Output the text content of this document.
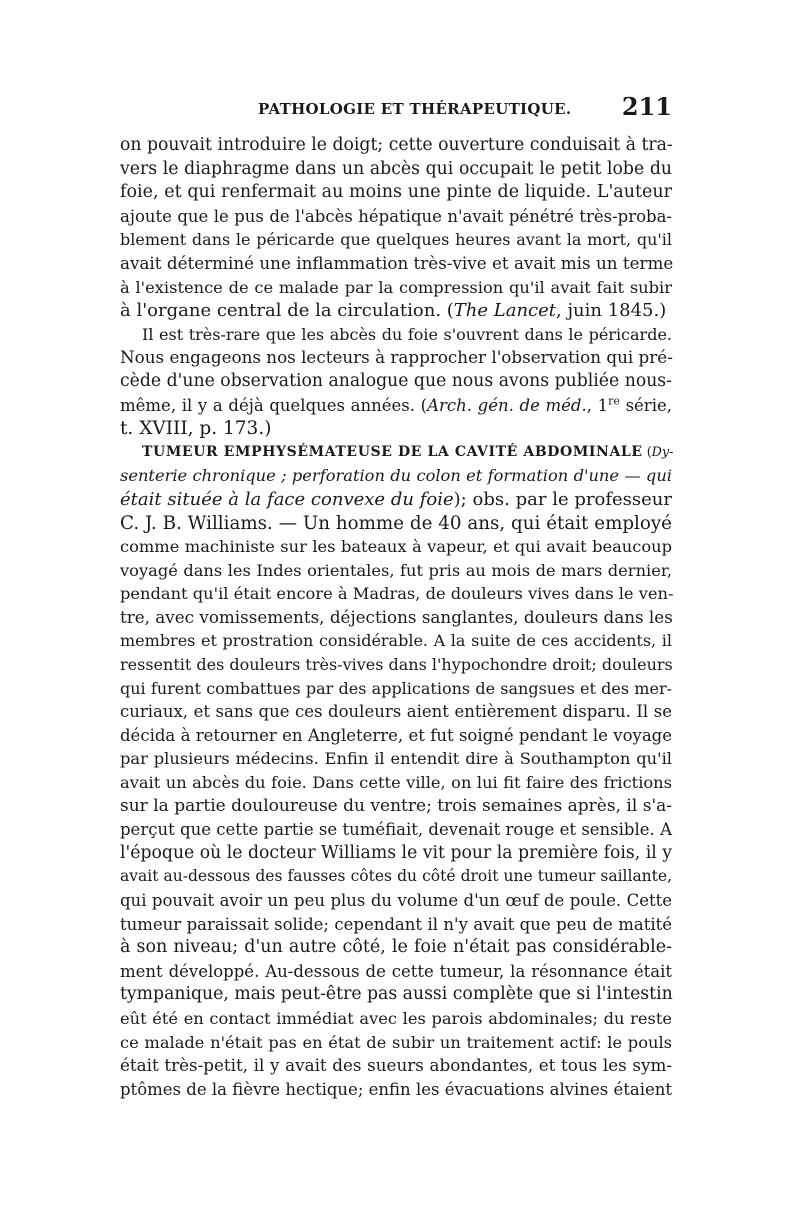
PATHOLOGIE ET THÉRAPEUTIQUE. 211
on pouvait introduire le doigt; cette ouverture conduisait à tra-
vers le diaphragme dans un abcès qui occupait le petit lobe du
foie, et qui renfermait au moins une pinte de liquide. L'auteur
ajoute que le pus de l'abcès hépatique n'avait pénétré très-proba-
blement dans le péricarde que quelques heures avant la mort, qu'il
avait déterminé une inflammation très-vive et avait mis un terme
à l'existence de ce malade par la compression qu'il avait fait subir
à l'organe central de la circulation. (The Lancet, juin 1845.)
Il est très-rare que les abcès du foie s'ouvrent dans le péricarde.
Nous engageons nos lecteurs à rapprocher l'observation qui pré-
cède d'une observation analogue que nous avons publiée nous-
même, il y a déjà quelques années. (Arch. gén. de méd., 1re série,
t. XVIII, p. 173.)
TUMEUR EMPHYSÉMATEUSE DE LA CAVITÉ ABDOMINALE (Dy-
senterie chronique ; perforation du colon et formation d'une — qui
était située à la face convexe du foie); obs. par le professeur
C. J. B. Williams. — Un homme de 40 ans, qui était employé
comme machiniste sur les bateaux à vapeur, et qui avait beaucoup
voyagé dans les Indes orientales, fut pris au mois de mars dernier,
pendant qu'il était encore à Madras, de douleurs vives dans le ven-
tre, avec vomissements, déjections sanglantes, douleurs dans les
membres et prostration considérable. A la suite de ces accidents, il
ressentit des douleurs très-vives dans l'hypochondre droit; douleurs
qui furent combattues par des applications de sangsues et des mer-
curiaux, et sans que ces douleurs aient entièrement disparu. Il se
décida à retourner en Angleterre, et fut soigné pendant le voyage
par plusieurs médecins. Enfin il entendit dire à Southampton qu'il
avait un abcès du foie. Dans cette ville, on lui fit faire des frictions
sur la partie douloureuse du ventre; trois semaines après, il s'a-
perçut que cette partie se tuméfiait, devenait rouge et sensible. A
l'époque où le docteur Williams le vit pour la première fois, il y
avait au-dessous des fausses côtes du côté droit une tumeur saillante,
qui pouvait avoir un peu plus du volume d'un œuf de poule. Cette
tumeur paraissait solide; cependant il n'y avait que peu de matité
à son niveau; d'un autre côté, le foie n'était pas considérable-
ment développé. Au-dessous de cette tumeur, la résonnance était
tympanique, mais peut-être pas aussi complète que si l'intestin
eût été en contact immédiat avec les parois abdominales; du reste
ce malade n'était pas en état de subir un traitement actif: le pouls
était très-petit, il y avait des sueurs abondantes, et tous les sym-
ptômes de la fièvre hectique; enfin les évacuations alvines étaient
